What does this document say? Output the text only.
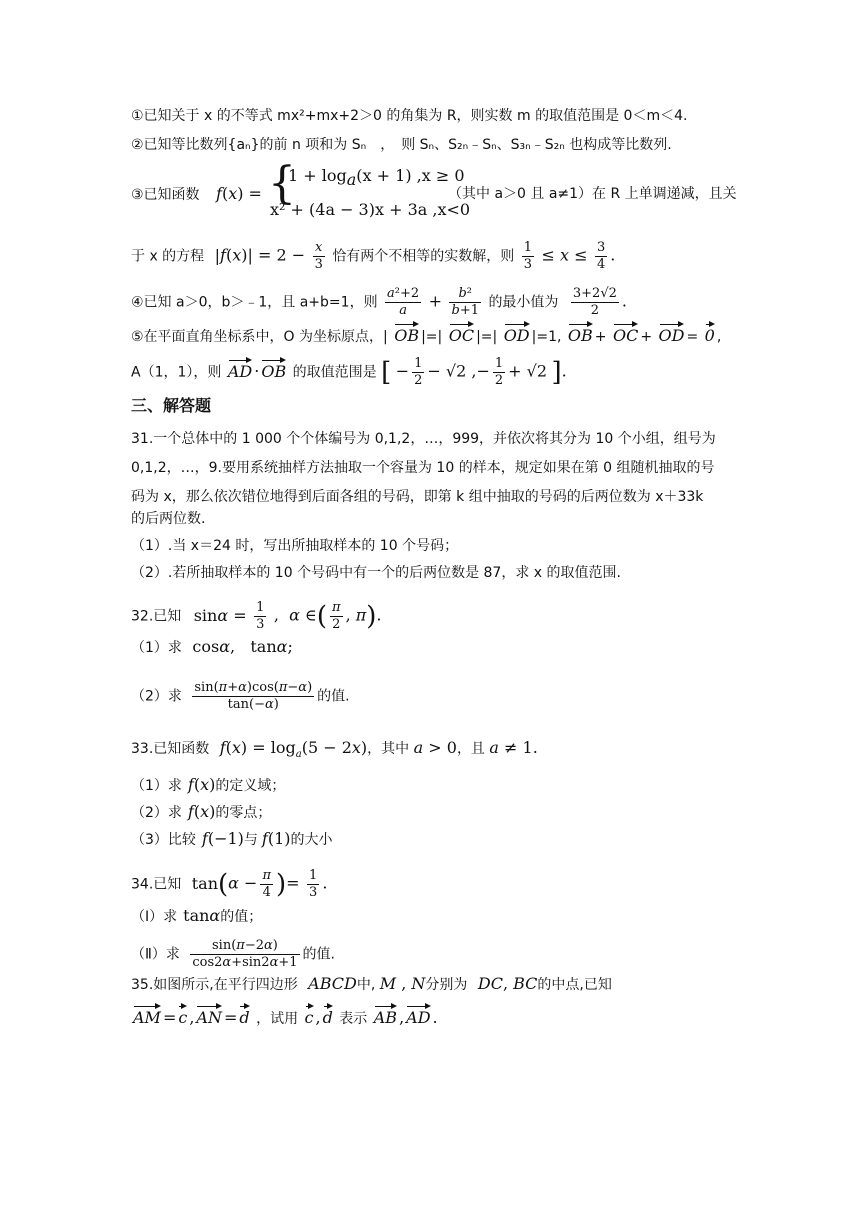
①已知关于 x 的不等式 mx²+mx+2＞0 的角集为 R，则实数 m 的取值范围是 0＜m＜4.
②已知等比数列{aₙ}的前 n 项和为 Sₙ　，　则 Sₙ、S₂ₙ﹣Sₙ、S₃ₙ﹣S₂ₙ 也构成等比数列.
③已知函数 f(x) = {
$1 + \log_a(x + 1) ,x \ge 0$
x² + (4a − 3)x + 3a ,x<0
（其中 a＞0 且 a≠1）在 R 上单调递减，且关
于 x 的方程 $|f(x)| = 2 - \frac{x}{3}$ 恰有两个不相等的实数解，则 $\frac{1}{3} \le x \le \frac{3}{4}$ .
④已知 a＞0，b＞﹣1，且 a+b=1，则 $\frac{\text{a²+2}}{a} + \frac{\text{b²}}{b+1}$ 的最小值为 $\frac{3+2√2}{2}$ .
⑤在平面直角坐标系中，O 为坐标原点，| OB |=| OC |=| OD |=1, OB + OC + OD = 0 ,
A（1，1），则 AD · OB 的取值范围是 [ − $\frac{1}{2} - √2$ ,− $\frac{1}{2} + √2$ ].
三、解答题
31.一个总体中的 1 000 个个体编号为 0,1,2，…，999，并依次将其分为 10 个小组，组号为
0,1,2，…，9.要用系统抽样方法抽取一个容量为 10 的样本，规定如果在第 0 组随机抽取的号
码为 x，那么依次错位地得到后面各组的号码，即第 k 组中抽取的号码的后两位数为 x＋33k
的后两位数.
（1）.当 x＝24 时，写出所抽取样本的 10 个号码；
（2）.若所抽取样本的 10 个号码中有一个的后两位数是 87，求 x 的取值范围.
32.已知 $\sin\alpha = \frac{1}{3}$ ,  α ∈( $\frac{\pi}{2}$ , π).
（1）求 cosα,   tanα;
（2）求 $\frac{\sin(\pi+\alpha)\cos(\pi-\alpha)}{\tan(-\alpha)}$ 的值.
33.已知函数 $f(x) = \log_a(5 - 2x)$，其中 a > 0，且 a ≠ 1.
（1）求 f(x)的定义域；
（2）求 f(x)的零点；
（3）比较 f(−1)与 f(1)的大小
34.已知 $\tan(\alpha - \frac{\pi}{4}$ )= $\frac{1}{3}$ .
（Ⅰ）求 tanα的值；
（Ⅱ）求 $\frac{\sin(\pi-2\alpha)}{\cos 2\alpha+\sin 2\alpha+1}$ 的值.
35.如图所示,在平行四边形 ABCD中, M , N分别为 DC, BC的中点,已知
AM = c , AN = d ，试用 c , d 表示 AB , AD .
